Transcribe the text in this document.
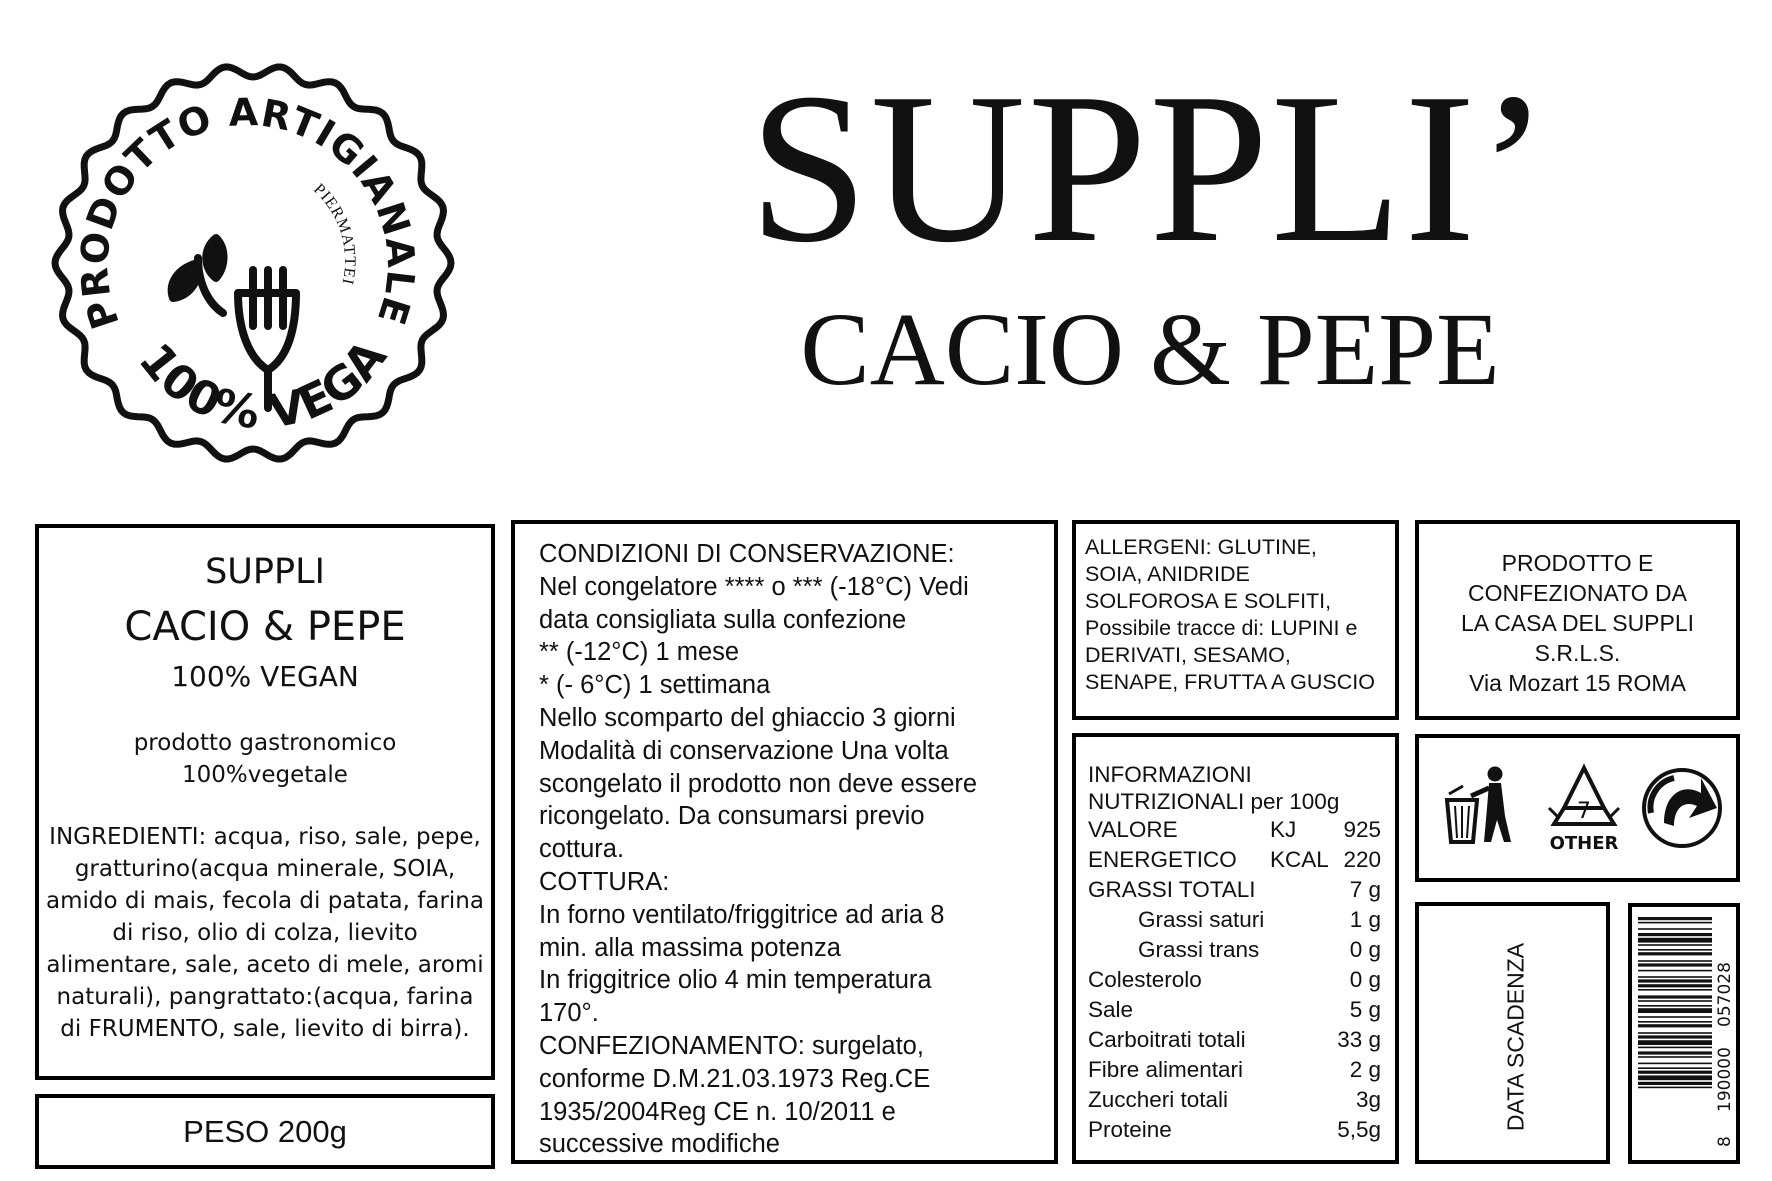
SUPPLI’
CACIO & PEPE
PRODOTTO ARTIGIANALE
100% VEGA
PIERMATTEI
SUPPLI
CACIO & PEPE
100% VEGAN
prodotto gastronomico
100%vegetale
INGREDIENTI: acqua, riso, sale, pepe,
gratturino(acqua minerale, SOIA,
amido di mais, fecola di patata, farina
di riso, olio di colza, lievito
alimentare, sale, aceto di mele, aromi
naturali), pangrattato:(acqua, farina
di FRUMENTO, sale, lievito di birra).
PESO 200g
CONDIZIONI DI CONSERVAZIONE:
Nel congelatore **** o *** (-18°C) Vedi
data consigliata sulla confezione
** (-12°C) 1 mese
* (- 6°C) 1 settimana
Nello scomparto del ghiaccio 3 giorni
Modalità di conservazione Una volta
scongelato il prodotto non deve essere
ricongelato. Da consumarsi previo
cottura.
COTTURA:
In forno ventilato/friggitrice ad aria 8
min. alla massima potenza
In friggitrice olio 4 min temperatura
170°.
CONFEZIONAMENTO: surgelato,
conforme D.M.21.03.1973 Reg.CE
1935/2004Reg CE n. 10/2011 e
successive modifiche
ALLERGENI: GLUTINE,
SOIA, ANIDRIDE
SOLFOROSA E SOLFITI,
Possibile tracce di: LUPINI e
DERIVATI, SESAMO,
SENAPE, FRUTTA A GUSCIO
PRODOTTO E
CONFEZIONATO DA
LA CASA DEL SUPPLI
S.R.L.S.
Via Mozart 15 ROMA
INFORMAZIONI
NUTRIZIONALI per 100g
VALORE	KJ 925
ENERGETICO KCAL 220
GRASSI TOTALI	7 g
Grassi saturi	1 g
Grassi trans	0 g
Colesterolo	0 g
Sale	5 g
Carboitrati totali	33 g
Fibre alimentari	2 g
Zuccheri totali	3g
Proteine	5,5g
7
OTHER
DATA SCADENZA
8
190000
057028
